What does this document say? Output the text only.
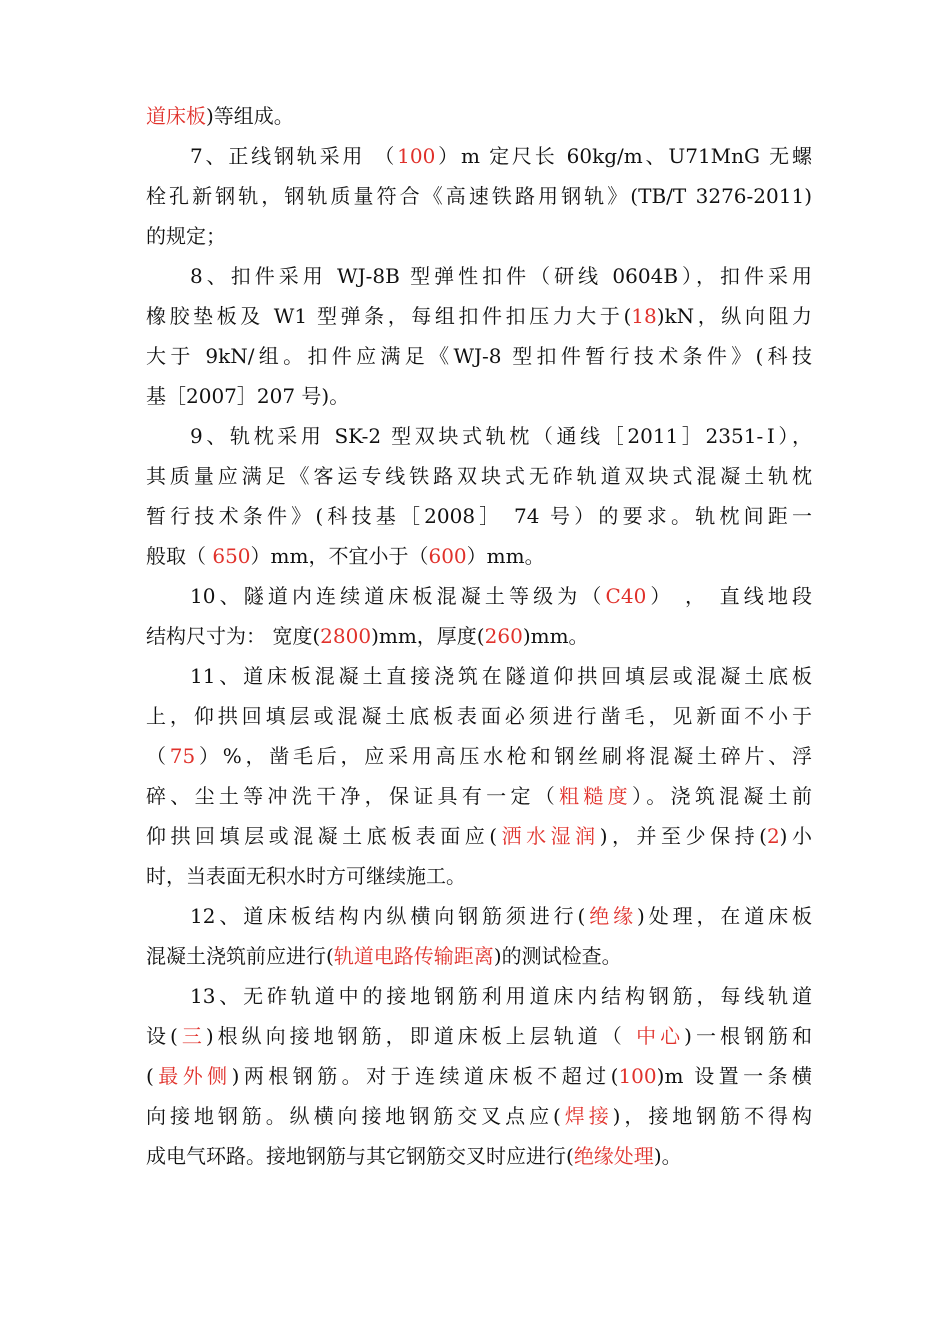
道床板)等组成。
7、正线钢轨采用 （100）m 定尺长 60kg/m、U71MnG 无螺
栓孔新钢轨，钢轨质量符合《高速铁路用钢轨》(TB/T 3276-2011)
的规定；
8、扣件采用 WJ-8B 型弹性扣件（研线 0604B），扣件采用
橡胶垫板及 W1 型弹条，每组扣件扣压力大于(18)kN，纵向阻力
大于 9kN/组。扣件应满足《WJ-8 型扣件暂行技术条件》(科技
基［2007］207 号)。
9、轨枕采用 SK-2 型双块式轨枕（通线［2011］2351-Ⅰ），
其质量应满足《客运专线铁路双块式无砟轨道双块式混凝土轨枕
暂行技术条件》(科技基［2008］ 74 号）的要求。轨枕间距一
般取（ 650）mm，不宜小于（600）mm。
10、隧道内连续道床板混凝土等级为（C40） ， 直线地段
结构尺寸为： 宽度(2800)mm，厚度(260)mm。
11、道床板混凝土直接浇筑在隧道仰拱回填层或混凝土底板
上，仰拱回填层或混凝土底板表面必须进行凿毛，见新面不小于
（75）%，凿毛后，应采用高压水枪和钢丝刷将混凝土碎片、浮
碎、尘土等冲洗干净，保证具有一定（粗糙度）。浇筑混凝土前
仰拱回填层或混凝土底板表面应(洒水湿润)，并至少保持(2)小
时，当表面无积水时方可继续施工。
12、道床板结构内纵横向钢筋须进行(绝缘)处理，在道床板
混凝土浇筑前应进行(轨道电路传输距离)的测试检查。
13、无砟轨道中的接地钢筋利用道床内结构钢筋，每线轨道
设(三)根纵向接地钢筋，即道床板上层轨道（ 中心)一根钢筋和
(最外侧)两根钢筋。对于连续道床板不超过(100)m 设置一条横
向接地钢筋。纵横向接地钢筋交叉点应(焊接)，接地钢筋不得构
成电气环路。接地钢筋与其它钢筋交叉时应进行(绝缘处理)。
